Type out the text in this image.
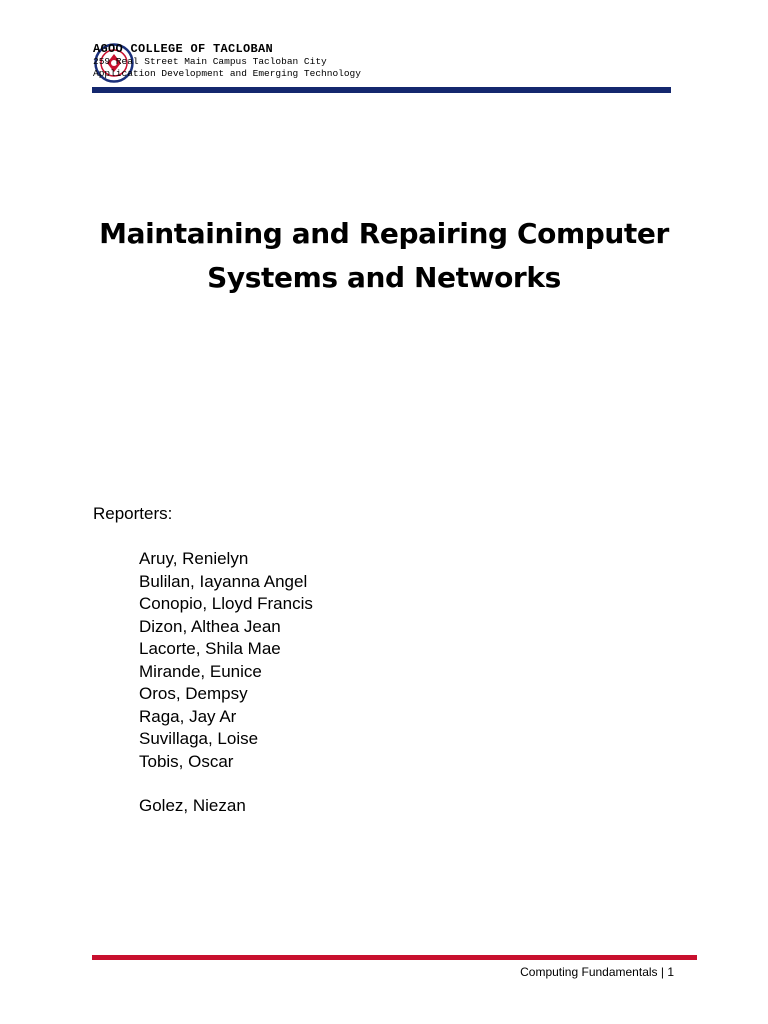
AGOO COLLEGE OF TACLOBAN
259 Real Street Main Campus Tacloban City
Application Development and Emerging Technology
Maintaining and Repairing Computer
Systems and Networks
Reporters:
Aruy, Renielyn
Bulilan, Iayanna Angel
Conopio, Lloyd Francis
Dizon, Althea Jean
Lacorte, Shila Mae
Mirande, Eunice
Oros, Dempsy
Raga, Jay Ar
Suvillaga, Loise
Tobis, Oscar
Golez, Niezan
Computing Fundamentals | 1
